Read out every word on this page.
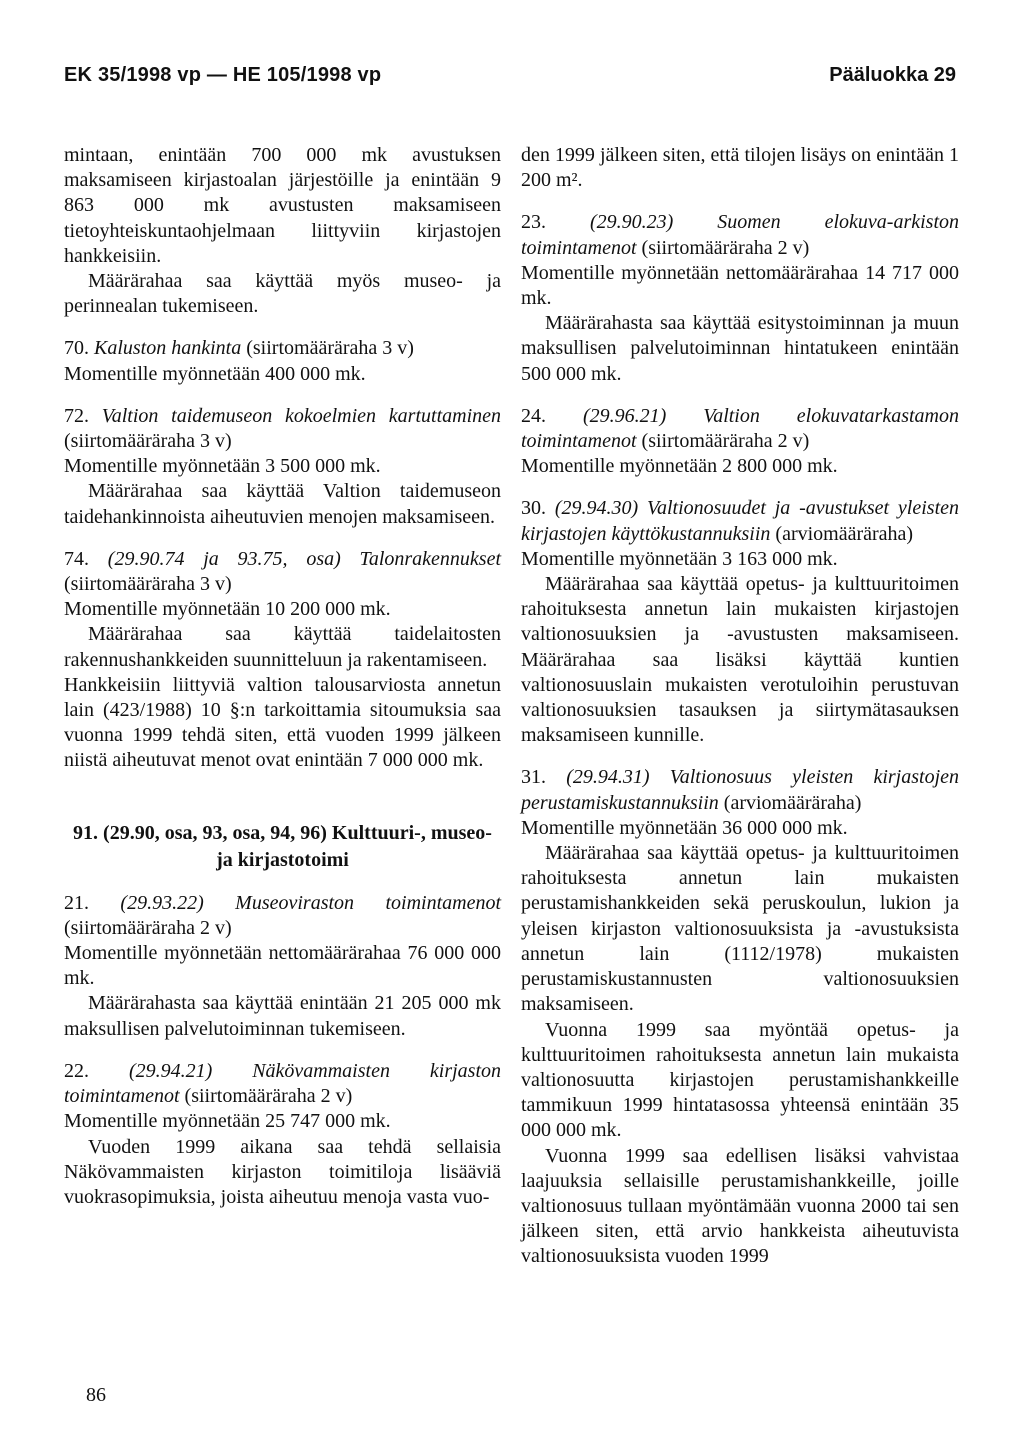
EK 35/1998 vp — HE 105/1998 vp	Pääluokka 29

mintaan, enintään 700 000 mk avustuksen maksamiseen kirjastoalan järjestöille ja enintään 9 863 000 mk avustusten maksamiseen tietoyhteiskuntaohjelmaan liittyviin kirjastojen hankkeisiin.

Määrärahaa saa käyttää myös museo- ja perinnealan tukemiseen.

70. Kaluston hankinta (siirtomääräraha 3 v)

Momentille myönnetään 400 000 mk.

72. Valtion taidemuseon kokoelmien kartuttaminen (siirtomääräraha 3 v)

Momentille myönnetään 3 500 000 mk.

Määrärahaa saa käyttää Valtion taidemuseon taidehankinnoista aiheutuvien menojen maksamiseen.

74. (29.90.74 ja 93.75, osa) Talonrakennukset (siirtomääräraha 3 v)

Momentille myönnetään 10 200 000 mk.

Määrärahaa saa käyttää taidelaitosten rakennushankkeiden suunnitteluun ja rakentamiseen.

Hankkeisiin liittyviä valtion talousarviosta annetun lain (423/1988) 10 §:n tarkoittamia sitoumuksia saa vuonna 1999 tehdä siten, että vuoden 1999 jälkeen niistä aiheutuvat menot ovat enintään 7 000 000 mk.

91. (29.90, osa, 93, osa, 94, 96) Kulttuuri-, museo- ja kirjastotoimi

21. (29.93.22) Museoviraston toimintamenot (siirtomääräraha 2 v)

Momentille myönnetään nettomäärärahaa 76 000 000 mk.

Määrärahasta saa käyttää enintään 21 205 000 mk maksullisen palvelutoiminnan tukemiseen.

22. (29.94.21) Näkövammaisten kirjaston toimintamenot (siirtomääräraha 2 v)

Momentille myönnetään 25 747 000 mk.

Vuoden 1999 aikana saa tehdä sellaisia Näkövammaisten kirjaston toimitiloja lisääviä vuokrasopimuksia, joista aiheutuu menoja vasta vuo-

den 1999 jälkeen siten, että tilojen lisäys on enintään 1 200 m².

23. (29.90.23) Suomen elokuva-arkiston toimintamenot (siirtomääräraha 2 v)

Momentille myönnetään nettomäärärahaa 14 717 000 mk.

Määrärahasta saa käyttää esitystoiminnan ja muun maksullisen palvelutoiminnan hintatukeen enintään 500 000 mk.

24. (29.96.21) Valtion elokuvatarkastamon toimintamenot (siirtomääräraha 2 v)

Momentille myönnetään 2 800 000 mk.

30. (29.94.30) Valtionosuudet ja -avustukset yleisten kirjastojen käyttökustannuksiin (arviomääräraha)

Momentille myönnetään 3 163 000 mk.

Määrärahaa saa käyttää opetus- ja kulttuuritoimen rahoituksesta annetun lain mukaisten kirjastojen valtionosuuksien ja -avustusten maksamiseen. Määrärahaa saa lisäksi käyttää kuntien valtionosuuslain mukaisten verotuloihin perustuvan valtionosuuksien tasauksen ja siirtymätasauksen maksamiseen kunnille.

31. (29.94.31) Valtionosuus yleisten kirjastojen perustamiskustannuksiin (arviomääräraha)

Momentille myönnetään 36 000 000 mk.

Määrärahaa saa käyttää opetus- ja kulttuuritoimen rahoituksesta annetun lain mukaisten perustamishankkeiden sekä peruskoulun, lukion ja yleisen kirjaston valtionosuuksista ja -avustuksista annetun lain (1112/1978) mukaisten perustamiskustannusten valtionosuuksien maksamiseen.

Vuonna 1999 saa myöntää opetus- ja kulttuuritoimen rahoituksesta annetun lain mukaista valtionosuutta kirjastojen perustamishankkeille tammikuun 1999 hintatasossa yhteensä enintään 35 000 000 mk.

Vuonna 1999 saa edellisen lisäksi vahvistaa laajuuksia sellaisille perustamishankkeille, joille valtionosuus tullaan myöntämään vuonna 2000 tai sen jälkeen siten, että arvio hankkeista aiheutuvista valtionosuuksista vuoden 1999

86
